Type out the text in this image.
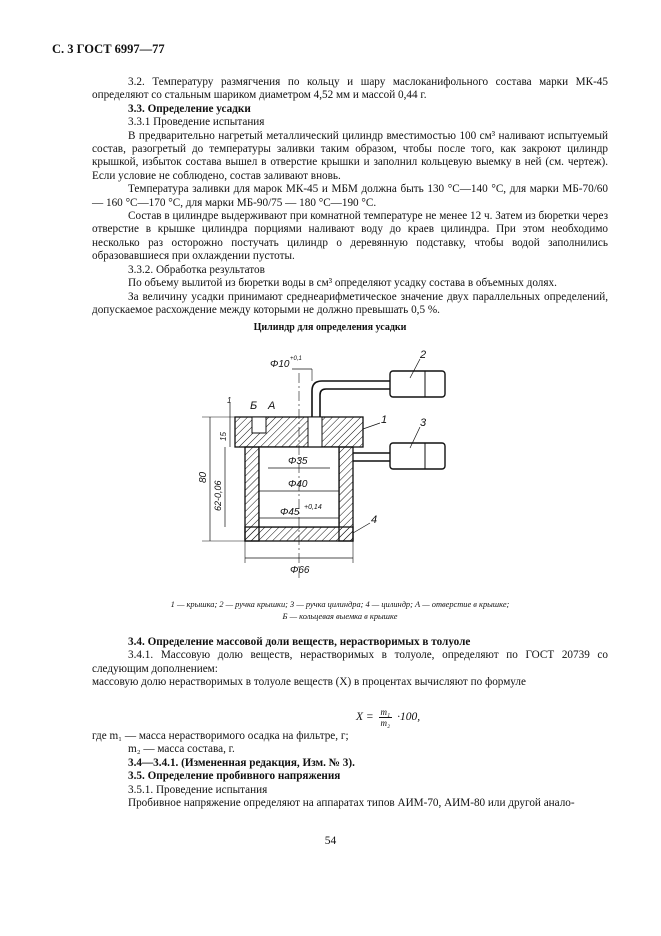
С. 3 ГОСТ 6997—77

3.2. Температуру размягчения по кольцу и шару маслоканифольного состава марки МК-45 определяют со стальным шариком диаметром 4,52 мм и массой 0,44 г.

3.3. Определение усадки

3.3.1 Проведение испытания

В предварительно нагретый металлический цилиндр вместимостью 100 см³ наливают испытуемый состав, разогретый до температуры заливки таким образом, чтобы после того, как закроют цилиндр крышкой, избыток состава вышел в отверстие крышки и заполнил кольцевую выемку в ней (см. чертеж). Если условие не соблюдено, состав заливают вновь.

Температура заливки для марок МК-45 и МБМ должна быть 130 °С—140 °С, для марки МБ-70/60 — 160 °С—170 °С, для марки МБ-90/75 — 180 °С—190 °С.

Состав в цилиндре выдерживают при комнатной температуре не менее 12 ч. Затем из бюретки через отверстие в крышке цилиндра порциями наливают воду до краев цилиндра. При этом необходимо несколько раз осторожно постучать цилиндр о деревянную подставку, чтобы водой заполнились образовавшиеся при охлаждении пустоты.

3.3.2. Обработка результатов

По объему вылитой из бюретки воды в см³ определяют усадку состава в объемных долях.

За величину усадки принимают среднеарифметическое значение двух параллельных определений, допускаемое расхождение между которыми не должно превышать 0,5 %.

Цилиндр для определения усадки
Φ10 +0,1
Б А
Φ35
Φ40
Φ45 +0,14
Φ66
80
62-0,06
15
1
1
2
3
4
1 — крышка; 2 — ручка крышки; 3 — ручка цилиндра; 4 — цилиндр; А — отверстие в крышке;
Б — кольцевая выемка в крышке

3.4. Определение массовой доли веществ, нерастворимых в толуоле

3.4.1. Массовую долю веществ, нерастворимых в толуоле, определяют по ГОСТ 20739 со следующим дополнением:

массовую долю нерастворимых в толуоле веществ (X) в процентах вычисляют по формуле

$X = \frac{\text{m₁}}{\text{m₂}} \cdot 100$,

где m₁ — масса нерастворимого осадка на фильтре, г;

m₂ — масса состава, г.

3.4—3.4.1. (Измененная редакция, Изм. № 3).

3.5. Определение пробивного напряжения

3.5.1. Проведение испытания

Пробивное напряжение определяют на аппаратах типов АИМ-70, АИМ-80 или другой анало-

54
